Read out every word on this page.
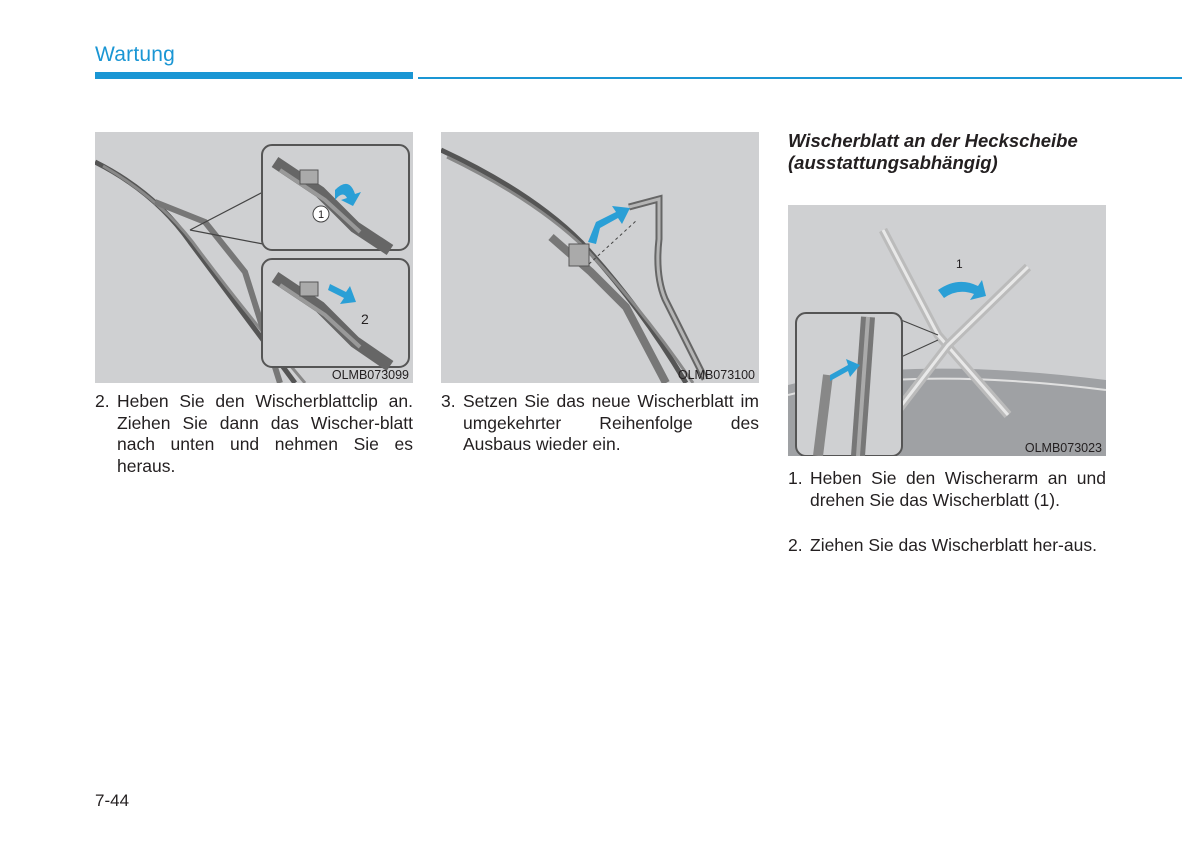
Wartung
1
2
OLMB073099
2. Heben Sie den Wischerblattclip an. Ziehen Sie dann das Wischer-blatt nach unten und nehmen Sie es heraus.
OLMB073100
3. Setzen Sie das neue Wischerblatt im umgekehrter Reihenfolge des Ausbaus wieder ein.
Wischerblatt an der Heckscheibe (ausstattungsabhängig)
1
OLMB073023
1. Heben Sie den Wischerarm an und drehen Sie das Wischerblatt (1).
2. Ziehen Sie das Wischerblatt her-aus.
7-44
